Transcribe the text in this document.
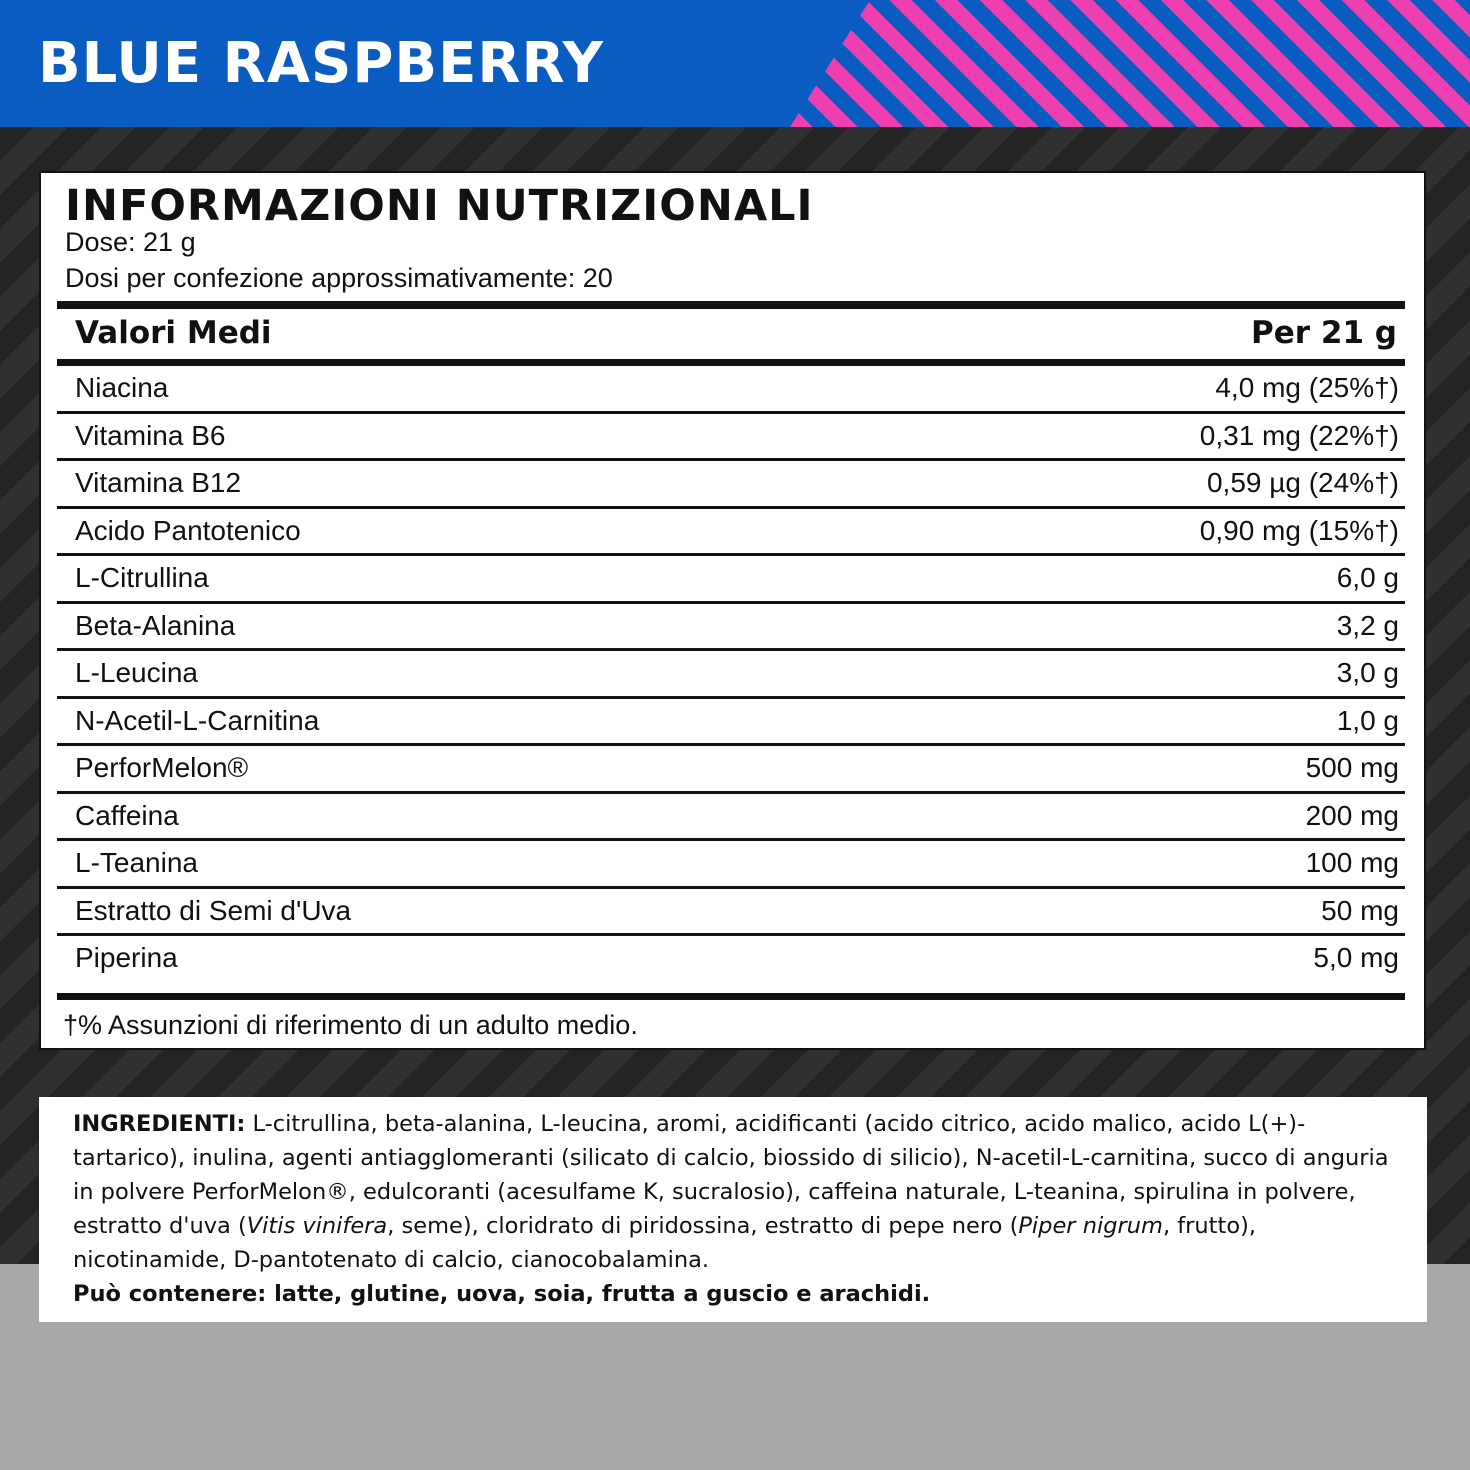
BLUE RASPBERRY
INFORMAZIONI NUTRIZIONALI
Dose: 21 g
Dosi per confezione approssimativamente: 20
Valori Medi	Per 21 g
Niacina	4,0 mg (25%†)
Vitamina B6	0,31 mg (22%†)
Vitamina B12	0,59 µg (24%†)
Acido Pantotenico	0,90 mg (15%†)
L-Citrullina	6,0 g
Beta-Alanina	3,2 g
L-Leucina	3,0 g
N-Acetil-L-Carnitina	1,0 g
PerforMelon®	500 mg
Caffeina	200 mg
L-Teanina	100 mg
Estratto di Semi d'Uva	50 mg
Piperina	5,0 mg
†% Assunzioni di riferimento di un adulto medio.
INGREDIENTI: L-citrullina, beta-alanina, L-leucina, aromi, acidificanti (acido citrico, acido malico, acido L(+)-tartarico), inulina, agenti antiagglomeranti (silicato di calcio, biossido di silicio), N-acetil-L-carnitina, succo di anguria in polvere PerforMelon®, edulcoranti (acesulfame K, sucralosio), caffeina naturale, L-teanina, spirulina in polvere, estratto d'uva (Vitis vinifera, seme), cloridrato di piridossina, estratto di pepe nero (Piper nigrum, frutto), nicotinamide, D-pantotenato di calcio, cianocobalamina.
Può contenere: latte, glutine, uova, soia, frutta a guscio e arachidi.
